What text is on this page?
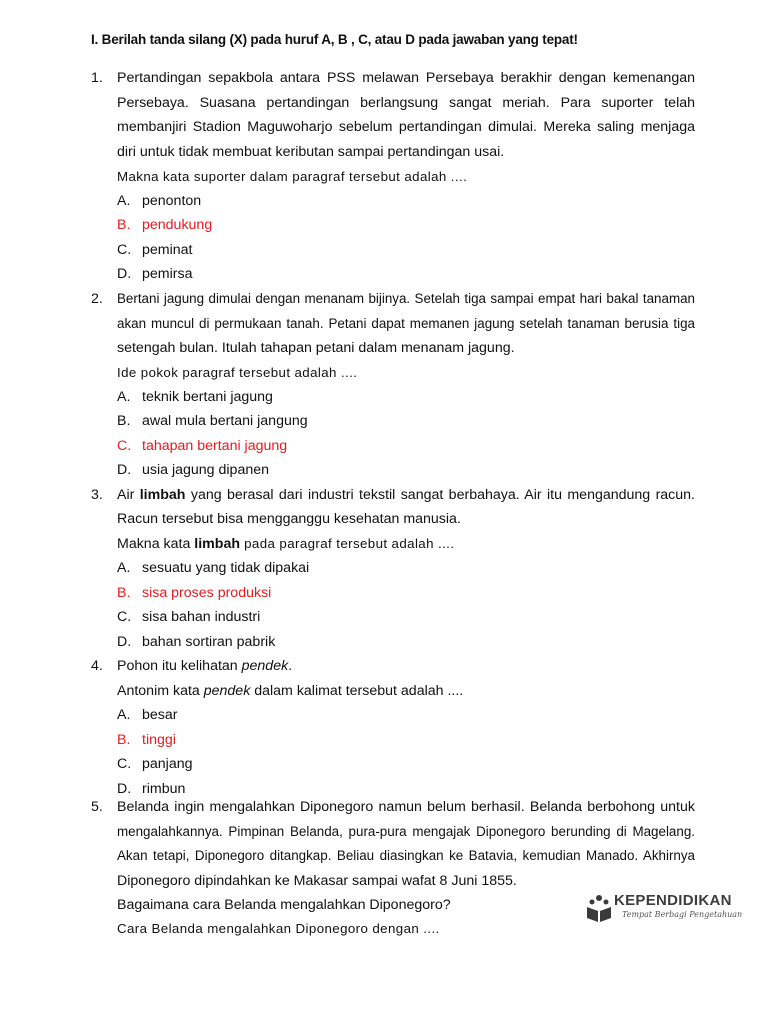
I. Berilah tanda silang (X) pada huruf A, B , C, atau D pada jawaban yang tepat!
1. Pertandingan sepakbola antara PSS melawan Persebaya berakhir dengan kemenangan
Persebaya. Suasana pertandingan berlangsung sangat meriah. Para suporter telah
membanjiri Stadion Maguwoharjo sebelum pertandingan dimulai. Mereka saling menjaga
diri untuk tidak membuat keributan sampai pertandingan usai.
Makna kata suporter dalam paragraf tersebut adalah ....
A. penonton
B. pendukung
C. peminat
D. pemirsa
2. Bertani jagung dimulai dengan menanam bijinya. Setelah tiga sampai empat hari bakal tanaman
akan muncul di permukaan tanah. Petani dapat memanen jagung setelah tanaman berusia tiga
setengah bulan. Itulah tahapan petani dalam menanam jagung.
Ide pokok paragraf tersebut adalah ....
A. teknik bertani jagung
B. awal mula bertani jangung
C. tahapan bertani jagung
D. usia jagung dipanen
3. Air limbah yang berasal dari industri tekstil sangat berbahaya. Air itu mengandung racun.
Racun tersebut bisa mengganggu kesehatan manusia.
Makna kata limbah pada paragraf tersebut adalah ....
A. sesuatu yang tidak dipakai
B. sisa proses produksi
C. sisa bahan industri
D. bahan sortiran pabrik
4. Pohon itu kelihatan pendek.
Antonim kata pendek dalam kalimat tersebut adalah ....
A. besar
B. tinggi
C. panjang
D. rimbun
5. Belanda ingin mengalahkan Diponegoro namun belum berhasil. Belanda berbohong untuk
mengalahkannya. Pimpinan Belanda, pura-pura mengajak Diponegoro berunding di Magelang.
Akan tetapi, Diponegoro ditangkap. Beliau diasingkan ke Batavia, kemudian Manado. Akhirnya
Diponegoro dipindahkan ke Makasar sampai wafat 8 Juni 1855.
Bagaimana cara Belanda mengalahkan Diponegoro?
Cara Belanda mengalahkan Diponegoro dengan ....
KEPENDIDIKAN
Tempat Berbagi Pengetahuan
